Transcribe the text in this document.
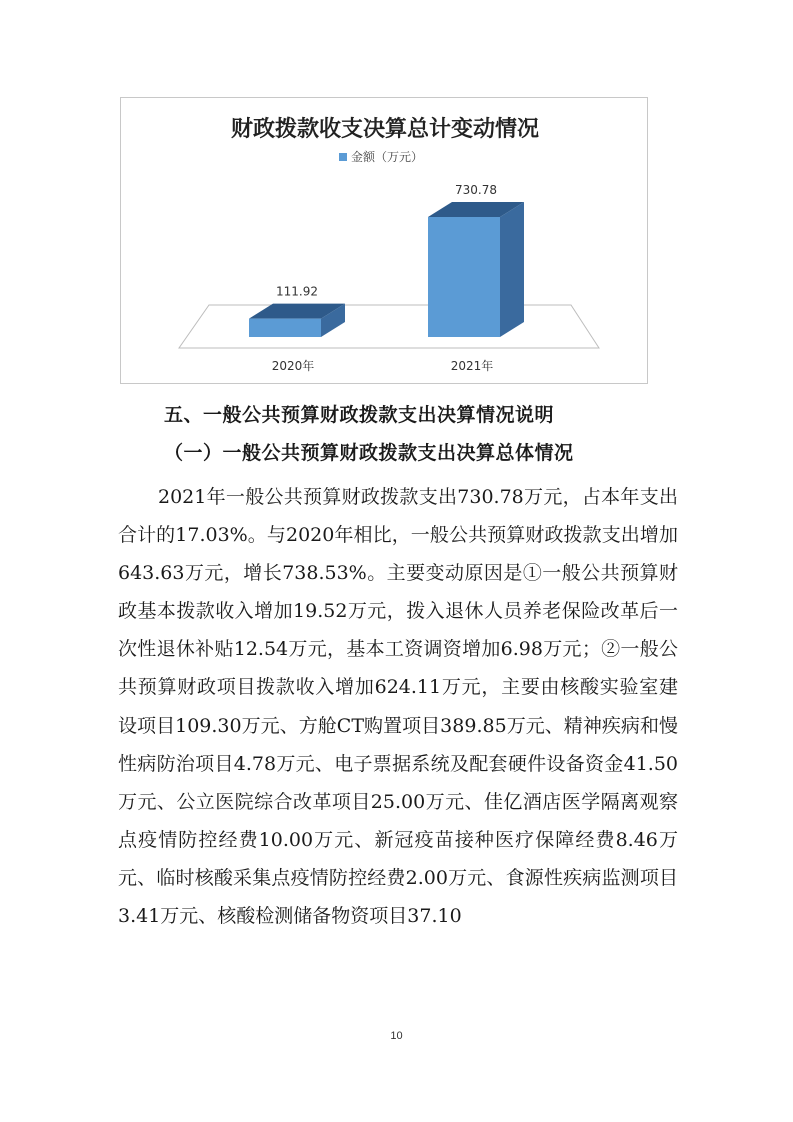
财政拨款收支决算总计变动情况
金额（万元）
111.92
2020年
730.78
2021年
五、一般公共预算财政拨款支出决算情况说明
（一）一般公共预算财政拨款支出决算总体情况

2021年一般公共预算财政拨款支出730.78万元，占本年支出合计的17.03%。与2020年相比，一般公共预算财政拨款支出增加643.63万元，增长738.53%。主要变动原因是①一般公共预算财政基本拨款收入增加19.52万元，拨入退休人员养老保险改革后一次性退休补贴12.54万元，基本工资调资增加6.98万元；②一般公共预算财政项目拨款收入增加624.11万元，主要由核酸实验室建设项目109.30万元、方舱CT购置项目389.85万元、精神疾病和慢性病防治项目4.78万元、电子票据系统及配套硬件设备资金41.50万元、公立医院综合改革项目25.00万元、佳亿酒店医学隔离观察点疫情防控经费10.00万元、新冠疫苗接种医疗保障经费8.46万元、临时核酸采集点疫情防控经费2.00万元、食源性疾病监测项目3.41万元、核酸检测储备物资项目37.10

10
